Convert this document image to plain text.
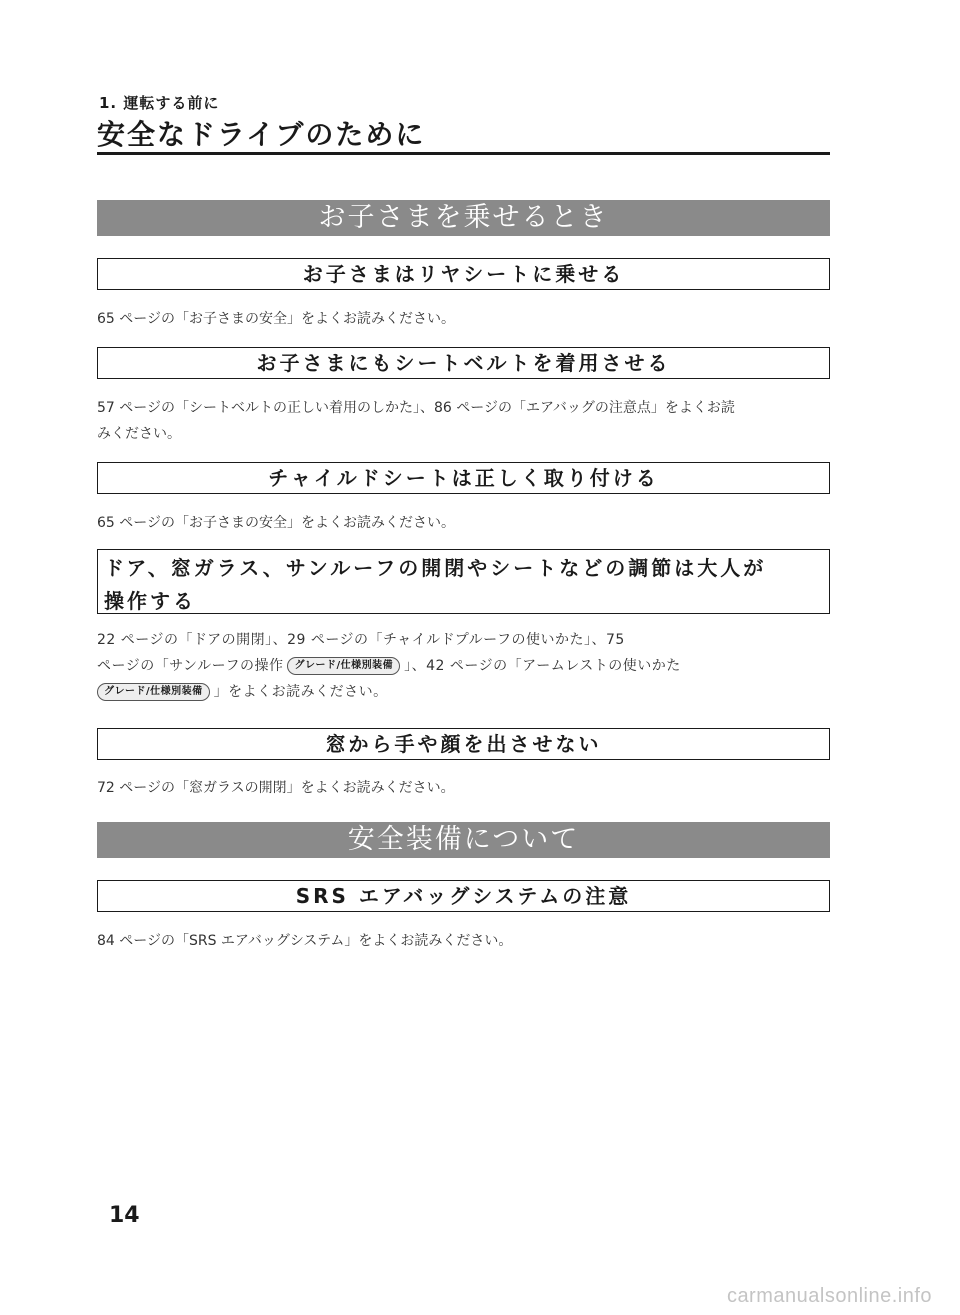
1. 運転する前に
安全なドライブのために
お子さまを乗せるとき
お子さまはリヤシートに乗せる
65 ページの「お子さまの安全」をよくお読みください。
お子さまにもシートベルトを着用させる
57 ページの「シートベルトの正しい着用のしかた」、86 ページの「エアバッグの注意点」をよくお読
みください。
チャイルドシートは正しく取り付ける
65 ページの「お子さまの安全」をよくお読みください。
ドア、窓ガラス、サンルーフの開閉やシートなどの調節は大人が
操作する
22 ページの「ドアの開閉」、29 ページの「チャイルドプルーフの使いかた」、75
ページの「サンルーフの操作 グレード/仕様別装備 」、42 ページの「アームレストの使いかた
グレード/仕様別装備 」をよくお読みください。
窓から手や顔を出させない
72 ページの「窓ガラスの開閉」をよくお読みください。
安全装備について
SRS エアバッグシステムの注意
84 ページの「SRS エアバッグシステム」をよくお読みください。
14
carmanualsonline.info
